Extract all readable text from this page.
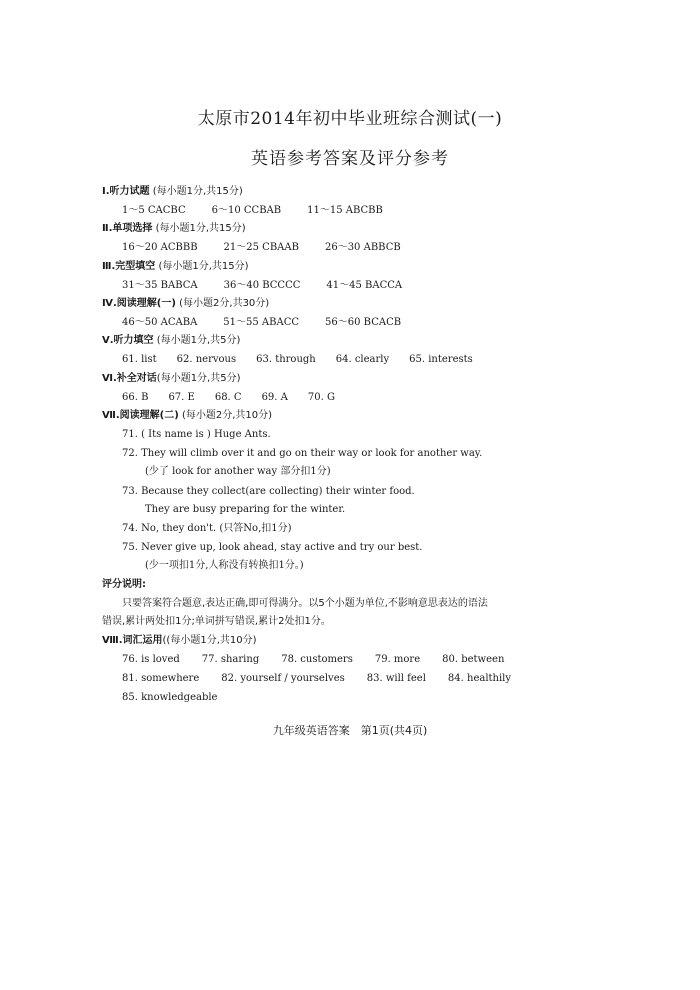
太原市2014年初中毕业班综合测试(一)
英语参考答案及评分参考
Ⅰ.听力试题 (每小题1分,共15分)
1～5 CACBC	6～10 CCBAB	11～15 ABCBB
Ⅱ.单项选择 (每小题1分,共15分)
16～20 ACBBB	21～25 CBAAB	26～30 ABBCB
Ⅲ.完型填空 (每小题1分,共15分)
31～35 BABCA	36～40 BCCCC	41～45 BACCA
Ⅳ.阅读理解(一) (每小题2分,共30分)
46～50 ACABA	51～55 ABACC	56～60 BCACB
Ⅴ.听力填空 (每小题1分,共5分)
61. list 62. nervous 63. through 64. clearly 65. interests
Ⅵ.补全对话(每小题1分,共5分)
66. B 67. E 68. C 69. A 70. G
Ⅶ.阅读理解(二) (每小题2分,共10分)
71. ( Its name is ) Huge Ants.
72. They will climb over it and go on their way or look for another way.
(少了 look for another way 部分扣1分)
73. Because they collect(are collecting) their winter food.
They are busy preparing for the winter.
74. No, they don't. (只答No,扣1分)
75. Never give up, look ahead, stay active and try our best.
(少一项扣1分,人称没有转换扣1分。)
评分说明:
只要答案符合题意,表达正确,即可得满分。以5个小题为单位,不影响意思表达的语法
错误,累计两处扣1分;单词拼写错误,累计2处扣1分。
Ⅷ.词汇运用((每小题1分,共10分)
76. is loved 77. sharing 78. customers 79. more 80. between
81. somewhere 82. yourself / yourselves 83. will feel 84. healthily
85. knowledgeable
九年级英语答案　第1页(共4页)
